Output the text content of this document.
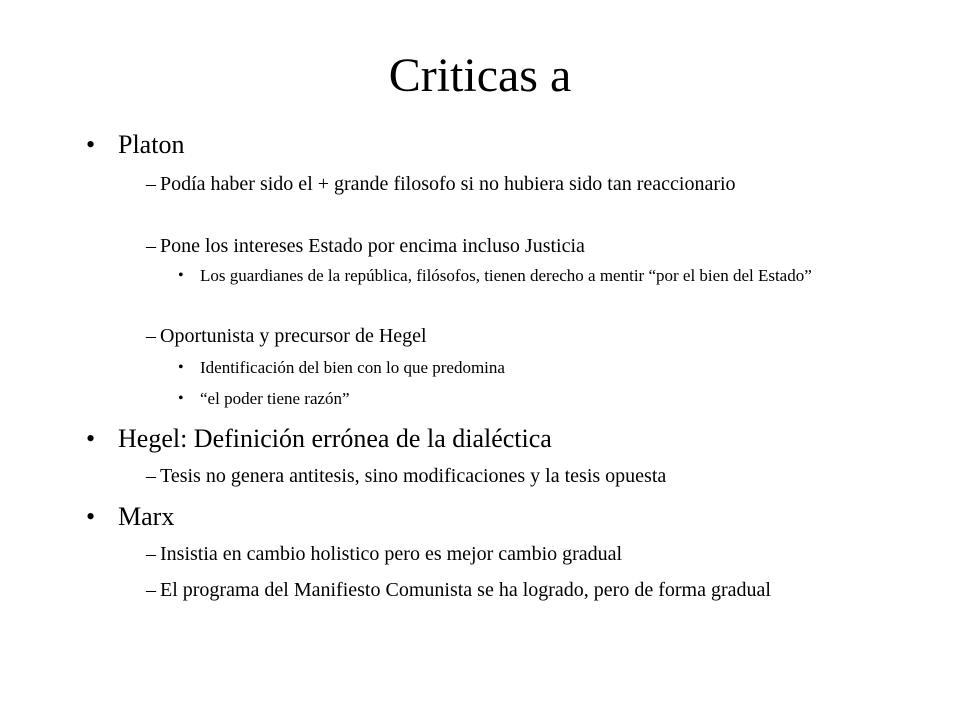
Criticas a
• Platon
– Podía haber sido el + grande filosofo si no hubiera sido tan reaccionario
– Pone los intereses Estado por encima incluso Justicia
• Los guardianes de la república, filósofos, tienen derecho a mentir “por el bien del Estado”
– Oportunista y precursor de Hegel
• Identificación del bien con lo que predomina
• “el poder tiene razón”
• Hegel: Definición errónea de la dialéctica
– Tesis no genera antitesis, sino modificaciones y la tesis opuesta
• Marx
– Insistia en cambio holistico pero es mejor cambio gradual
– El programa del Manifiesto Comunista se ha logrado, pero de forma gradual
